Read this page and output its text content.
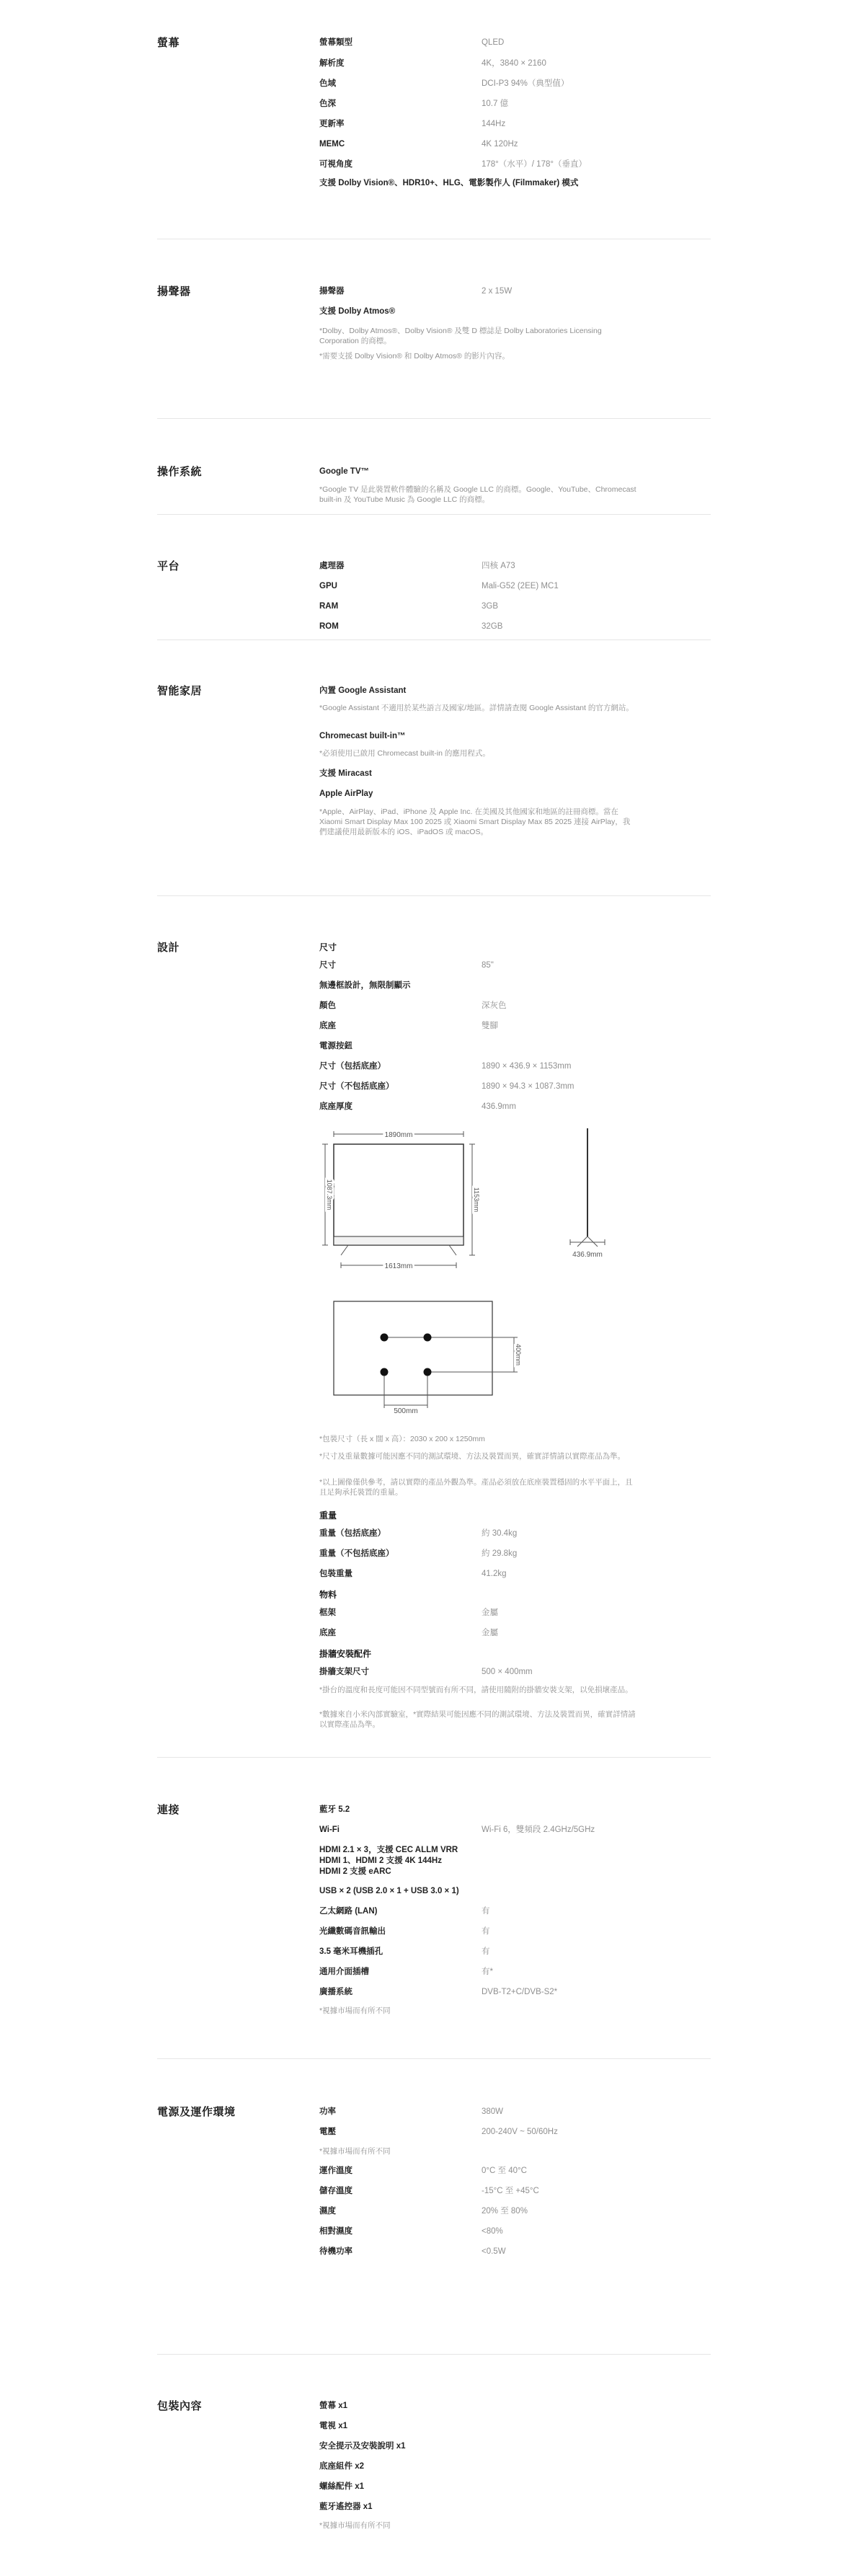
螢幕	螢幕類型	QLED
解析度	4K，3840 × 2160
色域	DCI-P3 94%（典型值）
色深	10.7 億
更新率	144Hz
MEMC	4K 120Hz
可視角度	178°（水平）/ 178°（垂直）
支援 Dolby Vision®、HDR10+、HLG、電影製作人 (Filmmaker) 模式
揚聲器	揚聲器	2 x 15W
支援 Dolby Atmos®
*Dolby、Dolby Atmos®、Dolby Vision® 及雙 D 標誌是 Dolby Laboratories Licensing Corporation 的商標。
*需要支援 Dolby Vision® 和 Dolby Atmos® 的影片內容。
操作系統	Google TV™
*Google TV 是此裝置軟件體驗的名稱及 Google LLC 的商標。Google、YouTube、Chromecast built-in 及 YouTube Music 為 Google LLC 的商標。
平台	處理器	四核 A73
GPU	Mali-G52 (2EE) MC1
RAM	3GB
ROM	32GB
智能家居	內置 Google Assistant
*Google Assistant 不適用於某些語言及國家/地區。詳情請查閱 Google Assistant 的官方網站。
Chromecast built-in™
*必須使用已啟用 Chromecast built-in 的應用程式。
支援 Miracast
Apple AirPlay
*Apple、AirPlay、iPad、iPhone 及 Apple Inc. 在美國及其他國家和地區的註冊商標。當在 Xiaomi Smart Display Max 100 2025 或 Xiaomi Smart Display Max 85 2025 連接 AirPlay，我們建議使用最新版本的 iOS、iPadOS 或 macOS。
設計	尺寸
尺寸	85"
無邊框設計，無限制顯示
顏色	深灰色
底座	雙腳
電源按鈕
尺寸（包括底座）	1890 × 436.9 × 1153mm
尺寸（不包括底座）	1890 × 94.3 × 1087.3mm
底座厚度	436.9mm
1890mm
1613mm
1087.3mm	1153mm
436.9mm
400mm
500mm
*包裝尺寸（長 x 闊 x 高）：2030 x 200 x 1250mm
*尺寸及重量數據可能因應不同的測試環境、方法及裝置而異，確實詳情請以實際產品為準。
*以上圖像僅供參考，請以實際的產品外觀為準。產品必須放在底座裝置穩固的水平平面上，且且足夠承托裝置的重量。
重量
重量（包括底座）	約 30.4kg
重量（不包括底座）	約 29.8kg
包裝重量	41.2kg
物料
框架	金屬
底座	金屬
掛牆安裝配件
掛牆支架尺寸	500 × 400mm
*掛台的溫度和長度可能因不同型號而有所不同，請使用隨附的掛牆安裝支架，以免損壞產品。
*數據來自小米內部實驗室，*實際結果可能因應不同的測試環境、方法及裝置而異，確實詳情請以實際產品為準。
連接	藍牙 5.2
Wi-Fi	Wi-Fi 6，雙頻段 2.4GHz/5GHz
HDMI 2.1 × 3，支援 CEC ALLM VRR
HDMI 1、HDMI 2 支援 4K 144Hz
HDMI 2 支援 eARC
USB × 2 (USB 2.0 × 1 + USB 3.0 × 1)
乙太網路 (LAN)	有
光纖數碼音訊輸出	有
3.5 毫米耳機插孔	有
通用介面插槽	有*
廣播系統	DVB-T2+C/DVB-S2*
*視據市場而有所不同
電源及運作環境	功率	380W
電壓	200-240V ~ 50/60Hz
*視據市場而有所不同
運作溫度	0°C 至 40°C
儲存溫度	-15°C 至 +45°C
濕度	20% 至 80%
相對濕度	<80%
待機功率	<0.5W
包裝內容	螢幕 x1
電視 x1
安全提示及安裝說明 x1
底座組件 x2
螺絲配件 x1
藍牙遙控器 x1
*視據市場而有所不同
